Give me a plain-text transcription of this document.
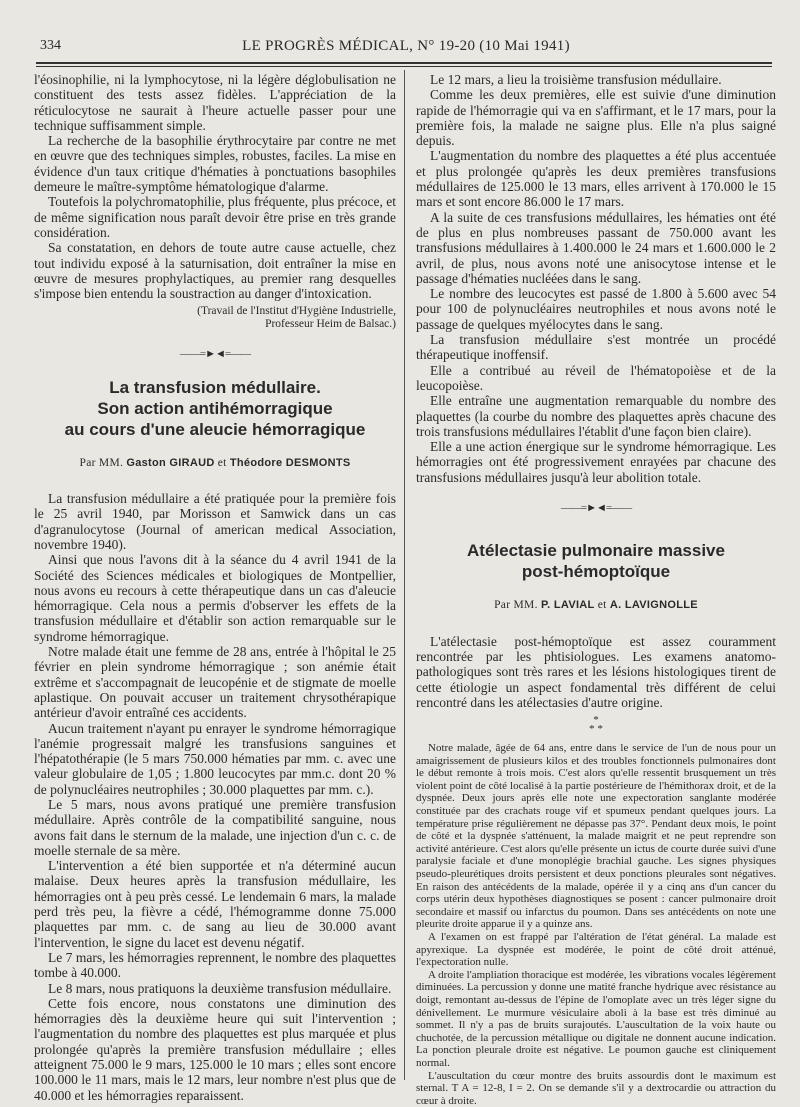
334	LE PROGRÈS MÉDICAL, N° 19-20 (10 Mai 1941)

l'éosinophilie, ni la lymphocytose, ni la légère déglobulisation ne constituent des tests assez fidèles. L'appréciation de la réticulocytose ne saurait à l'heure actuelle passer pour une technique suffisamment simple.

La recherche de la basophilie érythrocytaire par contre ne met en œuvre que des techniques simples, robustes, faciles. La mise en évidence d'un taux critique d'hématies à ponctuations basophiles demeure le maître-symptôme hématologique d'alarme.

Toutefois la polychromatophilie, plus fréquente, plus précoce, et de même signification nous paraît devoir être prise en très grande considération.

Sa constatation, en dehors de toute autre cause actuelle, chez tout individu exposé à la saturnisation, doit entraîner la mise en œuvre de mesures prophylactiques, au premier rang desquelles s'impose bien entendu la soustraction au danger d'intoxication.

(Travail de l'Institut d'Hygiène Industrielle,
Professeur Heim de Balsac.)
——=►◄=——
La transfusion médullaire.
Son action antihémorragique
au cours d'une aleucie hémorragique
Par MM. Gaston GIRAUD et Théodore DESMONTS

La transfusion médullaire a été pratiquée pour la première fois le 25 avril 1940, par Morisson et Samwick dans un cas d'agranulocytose (Journal of american medical Association, novembre 1940).

Ainsi que nous l'avons dit à la séance du 4 avril 1941 de la Société des Sciences médicales et biologiques de Montpellier, nous avons eu recours à cette thérapeutique dans un cas d'aleucie hémorragique. Cela nous a permis d'observer les effets de la transfusion médullaire et d'établir son action remarquable sur le syndrome hémorragique.

Notre malade était une femme de 28 ans, entrée à l'hôpital le 25 février en plein syndrome hémorragique ; son anémie était extrême et s'accompagnait de leucopénie et de stigmate de moelle aplastique. On pouvait accuser un traitement chrysothérapique antérieur d'avoir entraîné ces accidents.

Aucun traitement n'ayant pu enrayer le syndrome hémorragique l'anémie progressait malgré les transfusions sanguines et l'hépatothérapie (le 5 mars 750.000 hématies par mm. c. avec une valeur globulaire de 1,05 ; 1.800 leucocytes par mm.c. dont 20 % de polynucléaires neutrophiles ; 30.000 plaquettes par mm. c.).

Le 5 mars, nous avons pratiqué une première transfusion médullaire. Après contrôle de la compatibilité sanguine, nous avons fait dans le sternum de la malade, une injection d'un c. c. de moelle sternale de sa mère.

L'intervention a été bien supportée et n'a déterminé aucun malaise. Deux heures après la transfusion médullaire, les hémorragies ont à peu près cessé. Le lendemain 6 mars, la malade perd très peu, la fièvre a cédé, l'hémogramme donne 75.000 plaquettes par mm. c. de sang au lieu de 30.000 avant l'intervention, le signe du lacet est devenu négatif.

Le 7 mars, les hémorragies reprennent, le nombre des plaquettes tombe à 40.000.

Le 8 mars, nous pratiquons la deuxième transfusion médullaire.

Cette fois encore, nous constatons une diminution des hémorragies dès la deuxième heure qui suit l'intervention ; l'augmentation du nombre des plaquettes est plus marquée et plus prolongée qu'après la première transfusion médullaire ; elles atteignent 75.000 le 9 mars, 125.000 le 10 mars ; elles sont encore 100.000 le 11 mars, mais le 12 mars, leur nombre n'est plus que de 40.000 et les hémorragies reparaissent.

Le 12 mars, a lieu la troisième transfusion médullaire.

Comme les deux premières, elle est suivie d'une diminution rapide de l'hémorragie qui va en s'affirmant, et le 17 mars, pour la première fois, la malade ne saigne plus. Elle n'a plus saigné depuis.

L'augmentation du nombre des plaquettes a été plus accentuée et plus prolongée qu'après les deux premières transfusions médullaires de 125.000 le 13 mars, elles arrivent à 170.000 le 15 mars et sont encore 86.000 le 17 mars.

A la suite de ces transfusions médullaires, les hématies ont été de plus en plus nombreuses passant de 750.000 avant les transfusions médullaires à 1.400.000 le 24 mars et 1.600.000 le 2 avril, de plus, nous avons noté une anisocytose intense et le passage d'hématies nucléées dans le sang.

Le nombre des leucocytes est passé de 1.800 à 5.600 avec 54 pour 100 de polynucléaires neutrophiles et nous avons noté le passage de quelques myélocytes dans le sang.

La transfusion médullaire s'est montrée un procédé thérapeutique inoffensif.

Elle a contribué au réveil de l'hématopoièse et de la leucopoièse.

Elle entraîne une augmentation remarquable du nombre des plaquettes (la courbe du nombre des plaquettes après chacune des trois transfusions médullaires l'établit d'une façon bien claire).

Elle a une action énergique sur le syndrome hémorragique. Les hémorragies ont été progressivement enrayées par chacune des transfusions médullaires jusqu'à leur abolition totale.

——=►◄=——
Atélectasie pulmonaire massive
post-hémoptoïque
Par MM. P. LAVIAL et A. LAVIGNOLLE

L'atélectasie post-hémoptoïque est assez couramment rencontrée par les phtisiologues. Les examens anatomo-pathologiques sont très rares et les lésions histologiques tirent de cette étiologie un aspect fondamental très différent de celui rencontré dans les atélectasies d'autre origine.

*
* *

Notre malade, âgée de 64 ans, entre dans le service de l'un de nous pour un amaigrissement de plusieurs kilos et des troubles fonctionnels pulmonaires dont le début remonte à trois mois. C'est alors qu'elle ressentit brusquement un très violent point de côté localisé à la partie postérieure de l'hémithorax droit, et de la dyspnée. Deux jours après elle note une expectoration sanglante modérée constituée par des crachats rouge vif et spumeux pendant quelques jours. La température prise régulièrement ne dépasse pas 37°. Pendant deux mois, le point de côté et la dyspnée s'atténuent, la malade maigrit et ne peut reprendre son activité antérieure. C'est alors qu'elle présente un ictus de courte durée suivi d'une paralysie faciale et d'une monoplégie brachial gauche. Les signes physiques pseudo-pleurétiques droits persistent et deux ponctions pleurales sont négatives. En raison des antécédents de la malade, opérée il y a cinq ans d'un cancer du corps utérin deux hypothèses diagnostiques se posent : cancer pulmonaire droit secondaire et massif ou infarctus du poumon. Dans ses antécédents on note une pleurite droite apparue il y a quinze ans.

A l'examen on est frappé par l'altération de l'état général. La malade est apyrexique. La dyspnée est modérée, le point de côté droit atténué, l'expectoration nulle.

A droite l'ampliation thoracique est modérée, les vibrations vocales légèrement diminuées. La percussion y donne une matité franche hydrique avec résistance au doigt, remontant au-dessus de l'épine de l'omoplate avec un très léger signe du dénivellement. Le murmure vésiculaire aboli à la base est très diminué au sommet. Il n'y a pas de bruits surajoutés. L'auscultation de la voix haute ou chuchotée, de la percussion métallique ou digitale ne donnent aucune indication. La ponction pleurale droite est négative. Le poumon gauche est cliniquement normal.

L'auscultation du cœur montre des bruits assourdis dont le maximum est sternal. T A = 12-8, I = 2. On se demande s'il y a dextrocardie ou attraction du cœur à droite.
